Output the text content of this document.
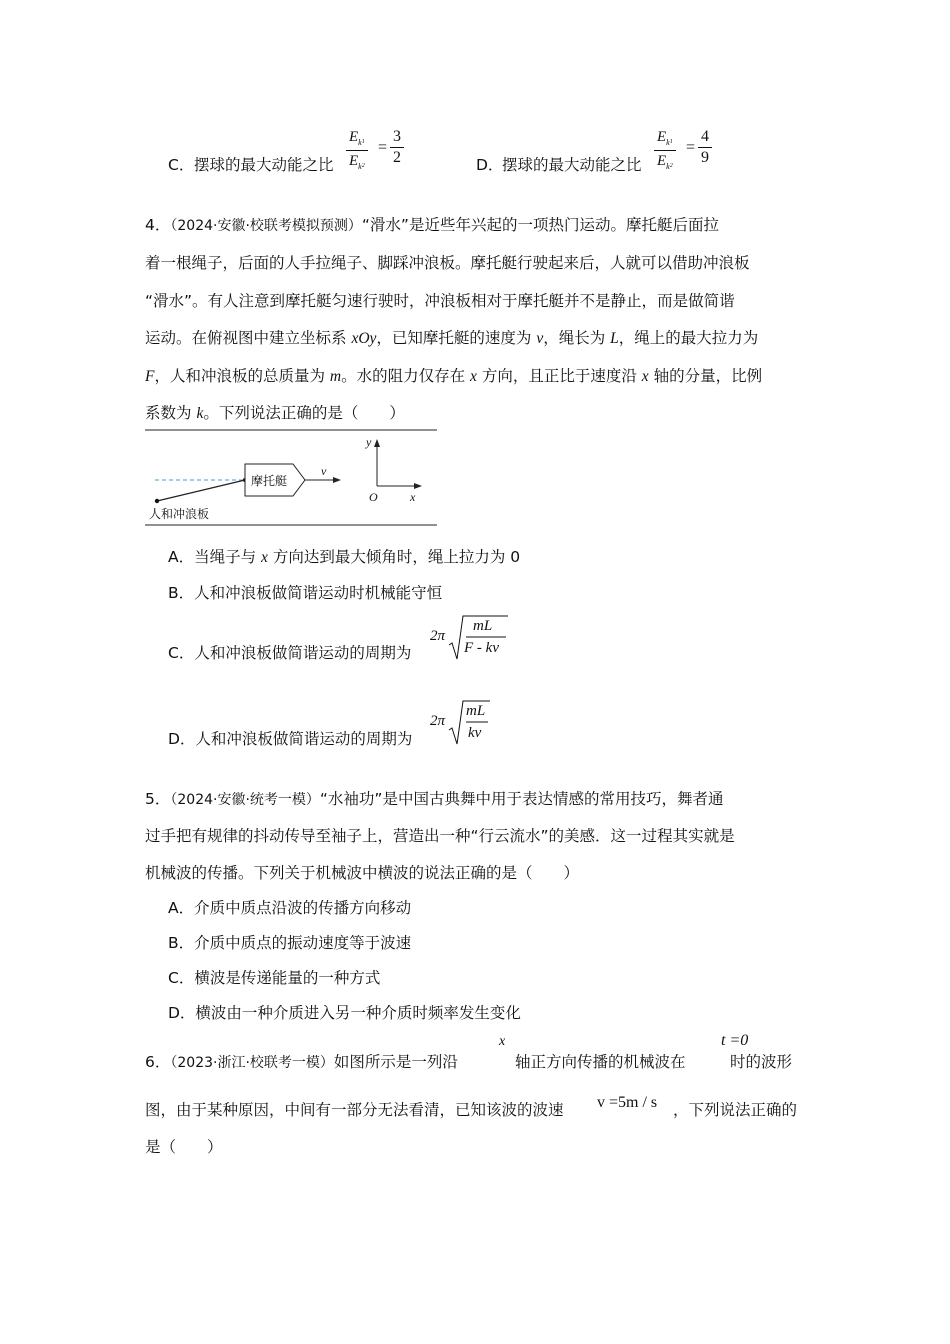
C． 摆球的最大动能之比 $\frac{E_k1}{E_k2} = \frac{3}{2}$	D．
摆球的最大动能之比 $\frac{E_k1}{E_k2} = \frac{4}{9}$
4．（2024·安徽·校联考模拟预测）“滑水”是近些年兴起的一项热门运动。摩托艇后面拉
着一根绳子，后面的人手拉绳子、脚踩冲浪板。摩托艇行驶起来后，人就可以借助冲浪板
“滑水”。有人注意到摩托艇匀速行驶时，冲浪板相对于摩托艇并不是静止，而是做简谐
运动。在俯视图中建立坐标系 xOy，已知摩托艇的速度为 v，绳长为 L，绳上的最大拉力为
F，人和冲浪板的总质量为 m。水的阻力仅存在 x 方向，且正比于速度沿 x 轴的分量，比例
系数为 k。下列说法正确的是（　　）
摩托艇
v
y
x
O
人和冲浪板
A．当绳子与 x 方向达到最大倾角时，绳上拉力为 0
B．人和冲浪板做简谐运动时机械能守恒
C．人和冲浪板做简谐运动的周期为
2π
mL
F - kv
D．人和冲浪板做简谐运动的周期为
2π
mL
kv
5．（2024·安徽·统考一模）“水袖功”是中国古典舞中用于表达情感的常用技巧，舞者通
过手把有规律的抖动传导至袖子上，营造出一种“行云流水”的美感．这一过程其实就是
机械波的传播。下列关于机械波中横波的说法正确的是（　　）
A．介质中质点沿波的传播方向移动
B．介质中质点的振动速度等于波速
C．横波是传递能量的一种方式
D．横波由一种介质进入另一种介质时频率发生变化
6．（2023·浙江·校联考一模）如图所示是一列沿
x
轴正方向传播的机械波在
t =0
时的波形
图，由于某种原因，中间有一部分无法看清，已知该波的波速 v =5m / s ，下列说法正确的
是（　　）
